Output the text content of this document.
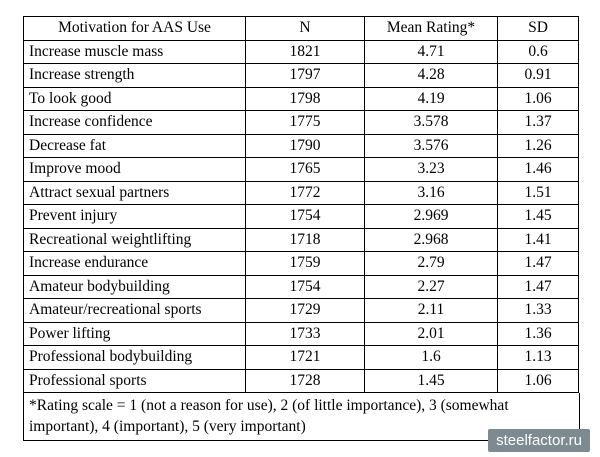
Motivation for AAS Use	N	Mean Rating*	SD
Increase muscle mass	1821	4.71	0.6
Increase strength	1797	4.28	0.91
To look good	1798	4.19	1.06
Increase confidence	1775	3.578	1.37
Decrease fat	1790	3.576	1.26
Improve mood	1765	3.23	1.46
Attract sexual partners	1772	3.16	1.51
Prevent injury	1754	2.969	1.45
Recreational weightlifting	1718	2.968	1.41
Increase endurance	1759	2.79	1.47
Amateur bodybuilding	1754	2.27	1.47
Amateur/recreational sports	1729	2.11	1.33
Power lifting	1733	2.01	1.36
Professional bodybuilding	1721	1.6	1.13
Professional sports	1728	1.45	1.06
*Rating scale = 1 (not a reason for use), 2 (of little importance), 3 (somewhat important), 4 (important), 5 (very important)
steelfactor.ru
